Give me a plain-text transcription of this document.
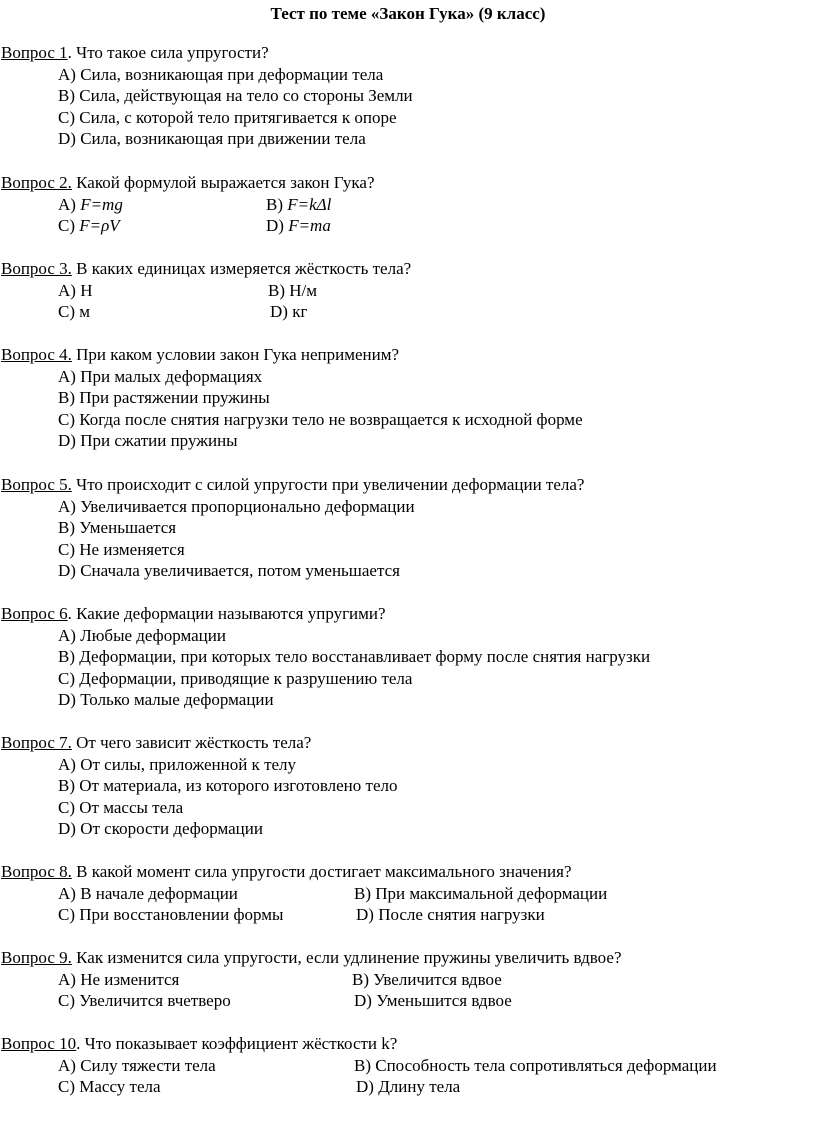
Тест по теме «Закон Гука» (9 класс)
Вопрос 1. Что такое сила упругости?
А) Сила, возникающая при деформации тела
В) Сила, действующая на тело со стороны Земли
С) Сила, с которой тело притягивается к опоре
D) Сила, возникающая при движении тела
Вопрос 2. Какой формулой выражается закон Гука?
А) F=mg	В) F=kΔl
С) F=ρV	D) F=ma
Вопрос 3. В каких единицах измеряется жёсткость тела?
А) Н	В) Н/м
С) м	D) кг
Вопрос 4. При каком условии закон Гука неприменим?
А) При малых деформациях
В) При растяжении пружины
С) Когда после снятия нагрузки тело не возвращается к исходной форме
D) При сжатии пружины
Вопрос 5. Что происходит с силой упругости при увеличении деформации тела?
А) Увеличивается пропорционально деформации
В) Уменьшается
С) Не изменяется
D) Сначала увеличивается, потом уменьшается
Вопрос 6. Какие деформации называются упругими?
А) Любые деформации
В) Деформации, при которых тело восстанавливает форму после снятия нагрузки
С) Деформации, приводящие к разрушению тела
D) Только малые деформации
Вопрос 7. От чего зависит жёсткость тела?
А) От силы, приложенной к телу
В) От материала, из которого изготовлено тело
С) От массы тела
D) От скорости деформации
Вопрос 8. В какой момент сила упругости достигает максимального значения?
А) В начале деформации	В) При максимальной деформации
С) При восстановлении формы	D) После снятия нагрузки
Вопрос 9. Как изменится сила упругости, если удлинение пружины увеличить вдвое?
А) Не изменится	В) Увеличится вдвое
С) Увеличится вчетверо	D) Уменьшится вдвое
Вопрос 10. Что показывает коэффициент жёсткости k?
А) Силу тяжести тела	В) Способность тела сопротивляться деформации
С) Массу тела	D) Длину тела
